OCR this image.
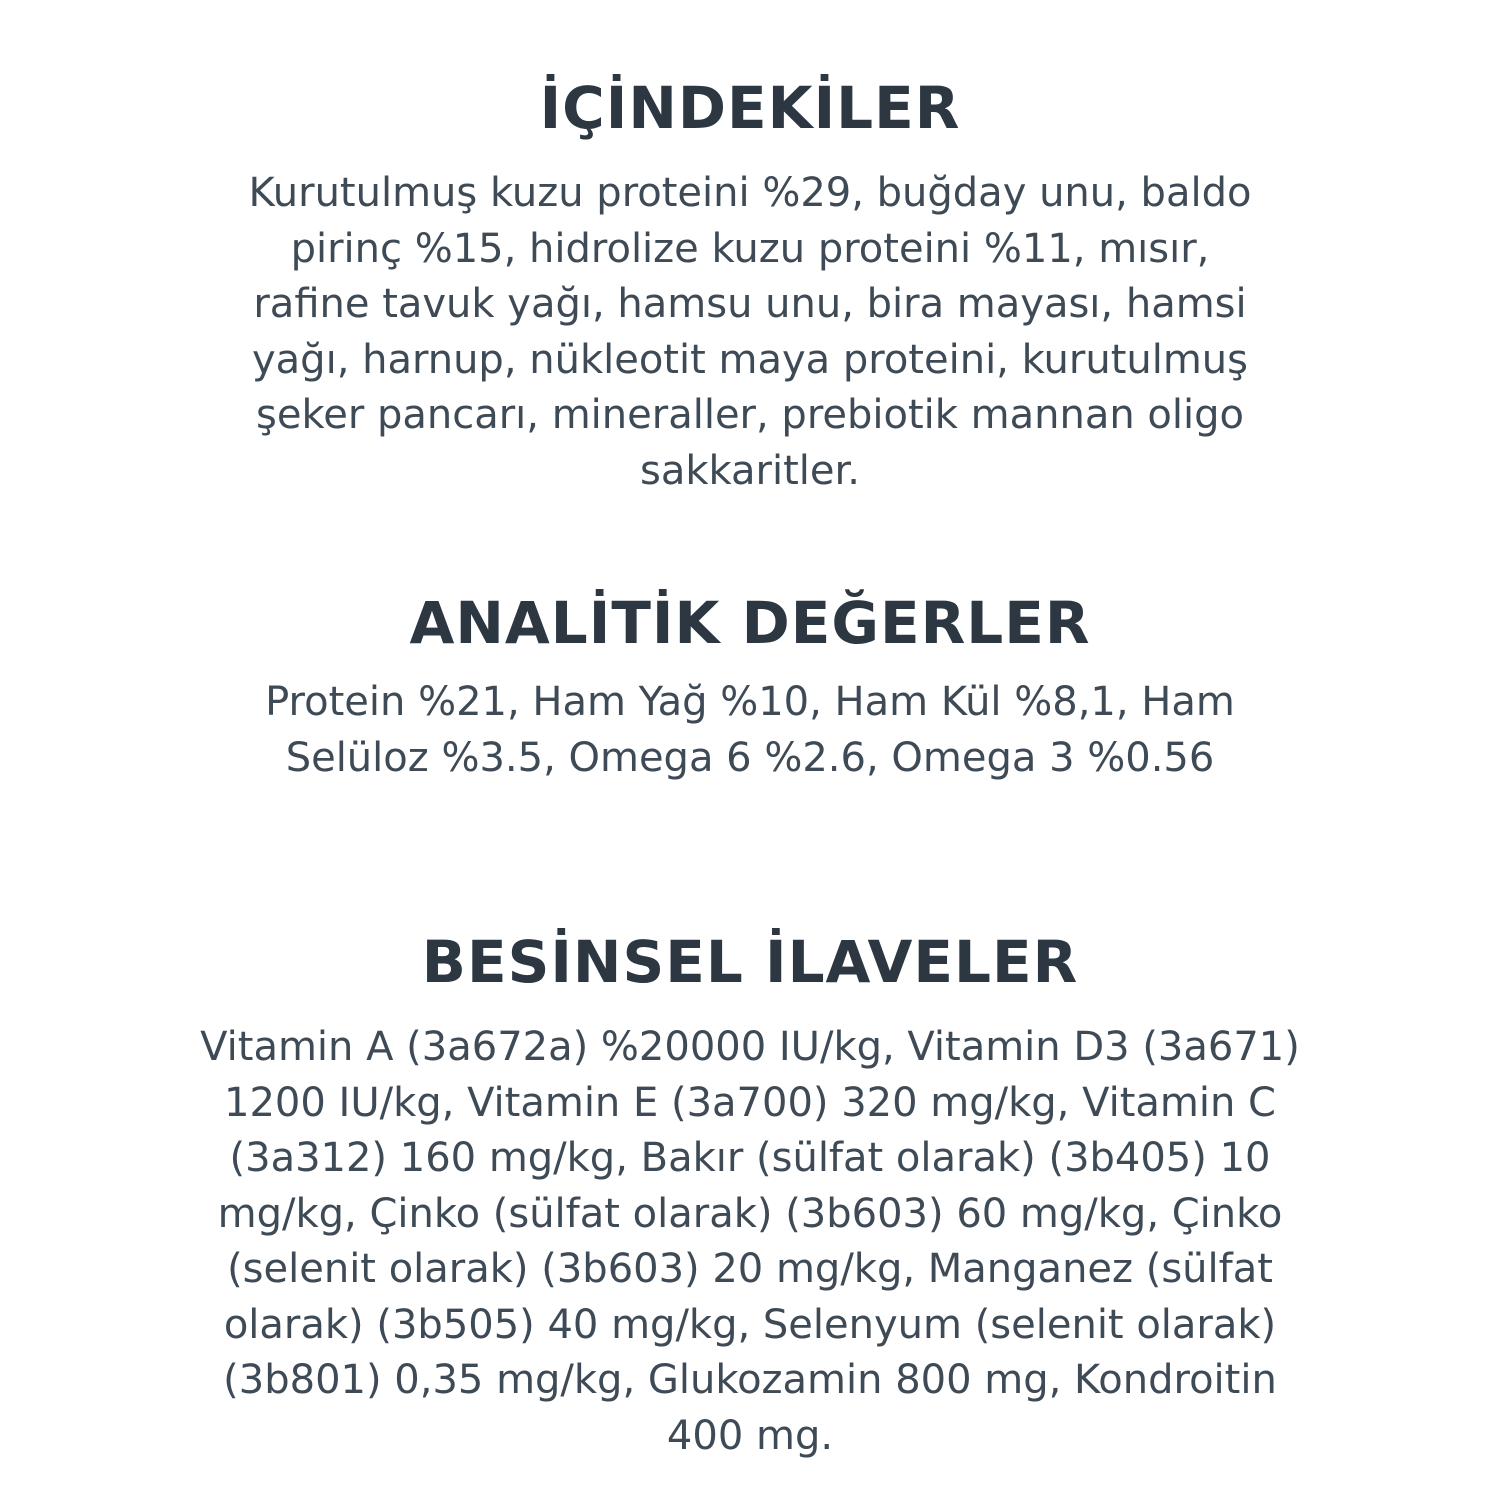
İÇİNDEKİLER

Kurutulmuş kuzu proteini %29, buğday unu, baldo pirinç %15, hidrolize kuzu proteini %11, mısır, rafine tavuk yağı, hamsu unu, bira mayası, hamsi yağı, harnup, nükleotit maya proteini, kurutulmuş şeker pancarı, mineraller, prebiotik mannan oligo sakkaritler.

ANALİTİK DEĞERLER

Protein %21, Ham Yağ %10, Ham Kül %8,1, Ham Selüloz %3.5, Omega 6 %2.6, Omega 3 %0.56

BESİNSEL İLAVELER

Vitamin A (3a672a) %20000 IU/kg, Vitamin D3 (3a671) 1200 IU/kg, Vitamin E (3a700) 320 mg/kg, Vitamin C (3a312) 160 mg/kg, Bakır (sülfat olarak) (3b405) 10 mg/kg, Çinko (sülfat olarak) (3b603) 60 mg/kg, Çinko (selenit olarak) (3b603) 20 mg/kg, Manganez (sülfat olarak) (3b505) 40 mg/kg, Selenyum (selenit olarak) (3b801) 0,35 mg/kg, Glukozamin 800 mg, Kondroitin 400 mg.
